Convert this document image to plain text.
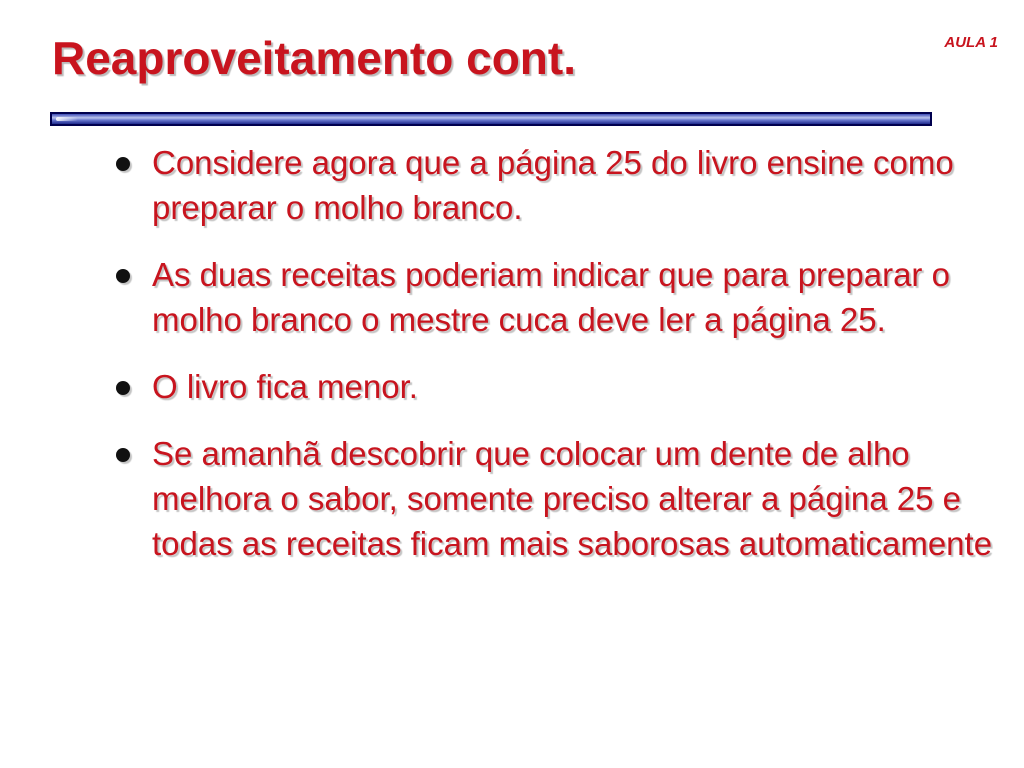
Reaproveitamento cont.	AULA 1
Considere agora que a página 25 do livro ensine como preparar o molho branco.
As duas receitas poderiam indicar que para preparar o molho branco o mestre cuca deve ler a página 25.
O livro fica menor.
Se amanhã descobrir que colocar um dente de alho melhora o sabor, somente preciso alterar a página 25 e todas as receitas ficam mais saborosas automaticamente
